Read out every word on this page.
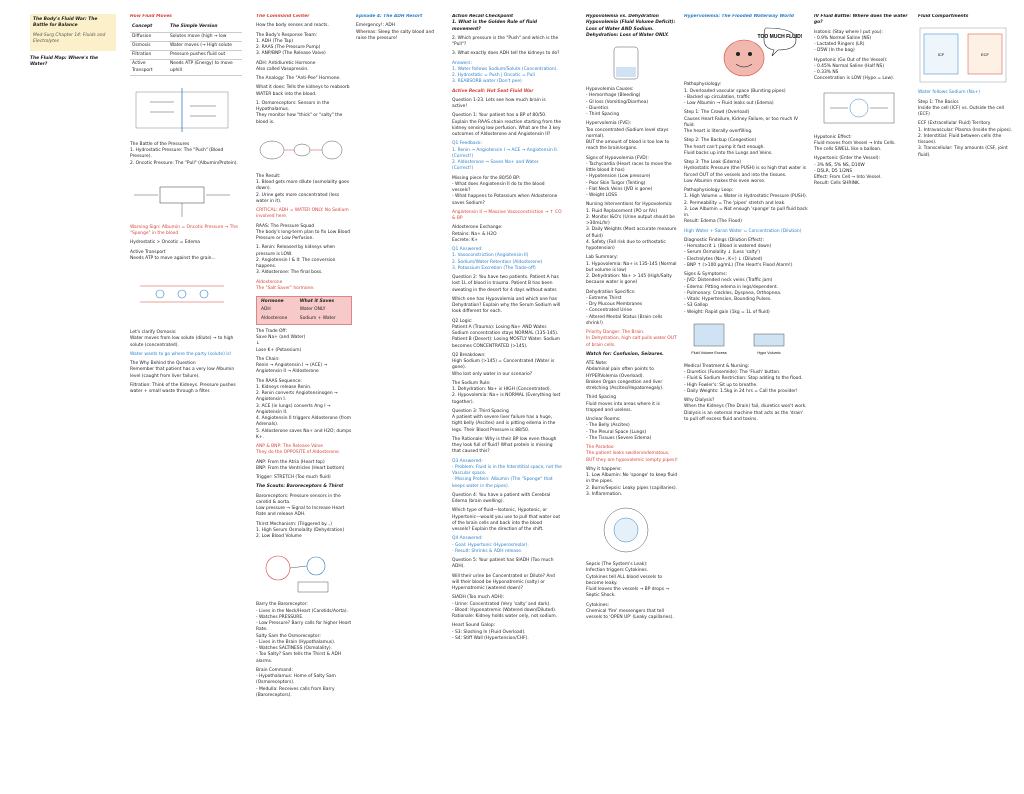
The Body's Fluid War: The Battle for Balance

Med-Surg Chapter 14: Fluids and Electrolytes

The Fluid Map: Where's the Water?

How Fluid Moves

Concept	The Simple Version
Diffusion	Solutes move (high → low
Osmosis	Water moves (→ High solute
Filtration	Pressure pushes fluid out
Active Transport	Needs ATP (Energy) to move uphill

The Battle of the Pressures
1. Hydrostatic Pressure: The "Push" (Blood Pressure).
2. Oncotic Pressure: The "Pull" (Albumin/Protein).

Warning Sign: Albumin = Oncotic Pressure → The "Sponge" in the blood

Hydrostatic > Oncotic = Edema

Active Transport
Needs ATP to move against the grain...

Let's clarify Osmosis:
Water moves from low solute (dilute) → to high solute (concentrated).

Water wants to go where the party (solute) is!

The Why Behind the Question
Remember that patient has a very low Albumin level (caught from liver failure).

Filtration: Think of the Kidneys. Pressure pushes water + small waste through a filter.

The Command Center

How the body senses and reacts.

The Body's Response Team:
1. ADH (The Tap)
2. RAAS (The Pressure Pump)
3. ANP/BNP (The Release Valve)

ADH: Antidiuretic Hormone
Also called Vasopressin.

The Analogy: The "Anti-Pee" Hormone.

What it does: Tells the kidneys to reabsorb WATER back into the blood.

1. Osmoreceptors: Sensors in the Hypothalamus.
They monitor how "thick" or "salty" the blood is.

The Result:
1. Blood gets more dilute (osmolality goes down).
2. Urine gets more concentrated (less water in it).

CRITICAL: ADH = WATER ONLY. No Sodium involved here.

RAAS: The Pressure Squad
The body's long-term plan to fix Low Blood Pressure or Low Perfusion.

1. Renin: Released by kidneys when pressure is LOW.
2. Angiotensin I & II: The conversion happens.
3. Aldosterone: The final boss.

Aldosterone
The "Salt Saver" hormone.

Hormone	What it Saves
ADH	Water ONLY
Aldosterone	Sodium + Water

The Trade Off:
Save Na+ (and Water)
↓
Lose K+ (Potassium)

The Chain:
Renin → Angiotensin I → (ACE) → Angiotensin II → Aldosterone

The RAAS Sequence:
1. Kidneys release Renin.
2. Renin converts Angiotensinogen → Angiotensin I.
3. ACE (in lungs) converts Ang I → Angiotensin II.
4. Angiotensin II triggers Aldosterone (from Adrenals).
5. Aldosterone saves Na+ and H2O; dumps K+.

ANP & BNP: The Release Valve
They do the OPPOSITE of Aldosterone.

ANP: From the Atria (Heart top)
BNP: From the Ventricles (Heart bottom)

Trigger: STRETCH (Too much fluid)

The Scouts: Baroreceptors & Thirst

Baroreceptors: Pressure sensors in the carotid & aorta.
Low pressure → Signal to Increase Heart Rate and release ADH.

Thirst Mechanism: (Triggered by...)
1. High Serum Osmolality (Dehydration)
2. Low Blood Volume

Barry the Baroreceptor:
- Lives in the Neck/Heart (Carotids/Aorta).
- Watches PRESSURE.
- Low Pressure? Barry calls for higher Heart Rate.
Salty Sam the Osmoreceptor:
- Lives in the Brain (Hypothalamus).
- Watches SALTINESS (Osmolality).
- Too Salty? Sam tells the Thirst & ADH alarms.

Brain Command:
- Hypothalamus: Home of Salty Sam (Osmoreceptors).
- Medulla: Receives calls from Barry (Baroreceptors).

Episode 4: The ADH Resort

Emergency!: ADH
Whereas: Sleep the salty blood and raise the pressure!

Action Recall Checkpoint
1. What is the Golden Rule of fluid movement?

2. Which pressure is the "Push" and which is the "Pull"?

3. What exactly does ADH tell the kidneys to do?

Answers:
1. Water follows Sodium/Solute (Concentration).
2. Hydrostatic = Push | Oncotic = Pull
3. REABSORB water (Don't pee)

Active Recall: Hot Seat Fluid War

Question 1-23. Lets see how much brain is active!

Question 1: Your patient has a BP of 80/50. Explain the RAAS chain reaction starting from the kidney sensing low perfusion. What are the 3 key outcomes of Aldosterone and Angiotensin II?

Q1 Feedback:
1. Renin → Angiotensin I → ACE → Angiotensin II. (Correct!)
2. Aldosterone → Saves Na+ and Water. (Correct!)

Missing piece for the 80/50 BP:
- What does Angiotensin II do to the blood vessels?
- What happens to Potassium when Aldosterone saves Sodium?

Angiotensin II → Massive Vasoconstriction → ↑ CO & BP

Aldosterone Exchange:
Retains: Na+ & H2O
Excrete: K+

Q1 Answered:
1. Vasoconstriction (Angiotensin II)
2. Sodium/Water Retention (Aldosterone)
3. Potassium Excretion (The Trade-off)

Question 2: You have two patients. Patient A has lost 1L of blood in trauma. Patient B has been sweating in the desert for 4 days without water.

Which one has Hypovolemia and which one has Dehydration? Explain why the Serum Sodium will look different for each.

Q2 Logic:
Patient A (Trauma): Losing Na+ AND Water. Sodium concentration stays NORMAL (135-145).
Patient B (Desert): Losing MOSTLY Water. Sodium becomes CONCENTRATED (>145).

Q2 Breakdown:
High Sodium (>145) = Concentrated (Water is gone).
Who lost only water in our scenario?

The Sodium Rule:
1. Dehydration: Na+ is HIGH (Concentrated).
2. Hypovolemia: Na+ is NORMAL (Everything lost together).

Question 3: Third Spacing
A patient with severe liver failure has a huge, tight belly (Ascites) and is pitting edema in the legs. Their Blood Pressure is 88/50.

The Rationale: Why is their BP low even though they look full of fluid? What protein is missing that caused this?

Q3 Answered:
- Problem: Fluid is in the Interstitial space, not the Vascular space.
- Missing Protein: Albumin (The "Sponge" that keeps water in the pipes).

Question 4: You have a patient with Cerebral Edema (brain swelling).

Which type of fluid—Isotonic, Hypotonic, or Hypertonic—would you use to pull that water out of the brain cells and back into the blood vessels? Explain the direction of the shift.

Q4 Answered:
- Goal: Hypertonic (Hyperosmolar).
- Result: Shrinks & ADH release.

Question 5: Your patient has SIADH (Too much ADH).

Will their urine be Concentrated or Dilute? And will their blood be Hyponatremic (salty) or Hypernatremic (watered down)?

SIADH (Too much ADH):
- Urine: Concentrated (Very 'salty' and dark).
- Blood: Hyponatremic (Watered down/Diluted).
Rationale: Kidney holds water only, not sodium.

Heart Sound Galop:
- S3: Sloshing In (Fluid Overload).
- S4: Stiff Wall (Hypertension/CHF).

Hypovolemia vs. Dehydration
Hypovolemia (Fluid Volume Deficit): Loss of Water AND Sodium.
Dehydration: Loss of Water ONLY.

Hypovolemia Causes:
- Hemorrhage (Bleeding)
- GI loss (Vomiting/Diarrhea)
- Diuretics
- Third Spacing

Hypervolemia (FVE):
Too concentrated (Sodium level stays normal).
BUT the amount of blood is too low to reach the brain/organs.

Signs of Hypovolemia (FVD):
- Tachycardia (Heart races to move the little blood it has)
- Hypotension (Low pressure)
- Poor Skin Turgor (Tenting)
- Flat Neck Veins (JVD is gone)
- Weight LOSS

Nursing Interventions for Hypovolemia:
1. Fluid Replacement (PO or IVs)
2. Monitor I&O's (Urine output should be >30mL/hr)
3. Daily Weights (Most accurate measure of fluid)
4. Safety (Fall risk due to orthostatic hypotension)

Lab Summary:
1. Hypovolemia: Na+ is 135-145 (Normal but volume is low)
2. Dehydration: Na+ > 145 (High/Salty because water is gone)

Dehydration Specifics:
- Extreme Thirst
- Dry Mucous Membranes
- Concentrated Urine
- Altered Mental Status (Brain cells shrink!)

Priority Danger: The Brain.
In Dehydration, high salt pulls water OUT of brain cells.

Watch for: Confusion, Seizures.

ATE Note:
Abdominal pain often points to HYPERVolemia (Overload).
Broken Organ congestion and liver stretching (Ascites/Hepatomegaly).

Third Spacing
Fluid moves into areas where it is trapped and useless.

Unclear Rooms:
- The Belly (Ascites)
- The Pleural Space (Lungs)
- The Tissues (Severe Edema)

The Paradox:
The patient looks swollen/edematous, BUT they are hypovolemic (empty pipes)!

Why it happens:
1. Low Albumin: No 'sponge' to keep fluid in the pipes.
2. Burns/Sepsis: Leaky pipes (capillaries).
3. Inflammation.

Sepsis (The System's Leak):
Infection triggers Cytokines.
Cytokines tell ALL blood vessels to become leaky.
Fluid leaves the vessels → BP drops → Septic Shock.

Cytokines:
Chemical 'fire' messengers that tell vessels to 'OPEN UP' (Leaky capillaries).

Hypervolemia: The Flooded Waterway World

TOO MUCH FLUID!

Pathophysiology:
1. Overloaded vascular space (Bursting pipes)
- Backed up circulation, traffic
- Low Albumin → Fluid leaks out (Edema)

Step 1: The Crowd (Overload)
Causes Heart Failure, Kidney Failure, or too much IV fluid.
The heart is literally overfilling.

Step 2: The Backup (Congestion)
The heart can't pump it fast enough.
Fluid backs up into the Lungs and Veins.

Step 3: The Leak (Edema)
Hydrostatic Pressure (the PUSH) is so high that water is forced OUT of the vessels and into the tissues.
Low Albumin makes this even worse.

Pathophysiology Loop:
1. High Volume = Water in Hydrostatic Pressure (PUSH).
2. Permeability = The 'pipes' stretch and leak.
3. Low Albumin = Not enough 'sponge' to pull fluid back in.
Result: Edema (The Flood)

High Water + Saran Water = Concentration (Dilution)

Diagnostic Findings (Dilution Effect):
- Hematocrit ↓ (Blood is watered down)
- Serum Osmolality ↓ (Less 'salty')
- Electrolytes (Na+, K+) ↓ (Diluted)
- BNP ↑ (>100 pg/mL) (The Heart's Flood Alarm!)

Signs & Symptoms:
- JVD: Distended neck veins (Traffic jam)
- Edema: Pitting edema in legs/dependent.
- Pulmonary: Crackles, Dyspnea, Orthopnea.
- Vitals: Hypertension, Bounding Pulses.
- S3 Gallop
- Weight: Rapid gain (1kg = 1L of fluid)

Fluid Volume Excess	Hypo Volumic

Medical Treatment & Nursing:
- Diuretics (Furosemide): The 'Flush' button.
- Fluid & Sodium Restriction: Stop adding to the flood.
- High Fowler's: Sit up to breathe.
- Daily Weights: 1.5kg in 24 hrs = Call the provider!

Why Dialysis?
When the Kidneys (The Drain) fail, diuretics won't work.
Dialysis is an external machine that acts as the 'drain' to pull off excess fluid and toxins.

IV Fluid Battle: Where does the water go?

Isotonic (Stay where I put you):
- 0.9% Normal Saline (NS)
- Lactated Ringers (LR)
- D5W (In the bag)

Hypotonic (Go Out of the Vessel):
- 0.45% Normal Saline (Half NS)
- 0.33% NS
Concentration is LOW (Hypo = Low).

Hypotonic Effect:
Fluid moves from Vessel → Into Cells.
The cells SWELL like a balloon.

Hypertonic (Enter the Vessel):
- 3% NS, 5% NS, D10W
- D5LR, D5 1/2NS
Effect: From Cell → Into Vessel.
Result: Cells SHRINK.

Fluid Compartments

ICF	ECF

Water follows Sodium (Na+)

Step 1: The Basics
Inside the cell (ICF) vs. Outside the cell (ECF)

ECF (Extracellular Fluid) Territory
1. Intravascular: Plasma (Inside the pipes).
2. Interstitial: Fluid between cells (the tissues).
3. Transcellular: Tiny amounts (CSF, joint fluid).
